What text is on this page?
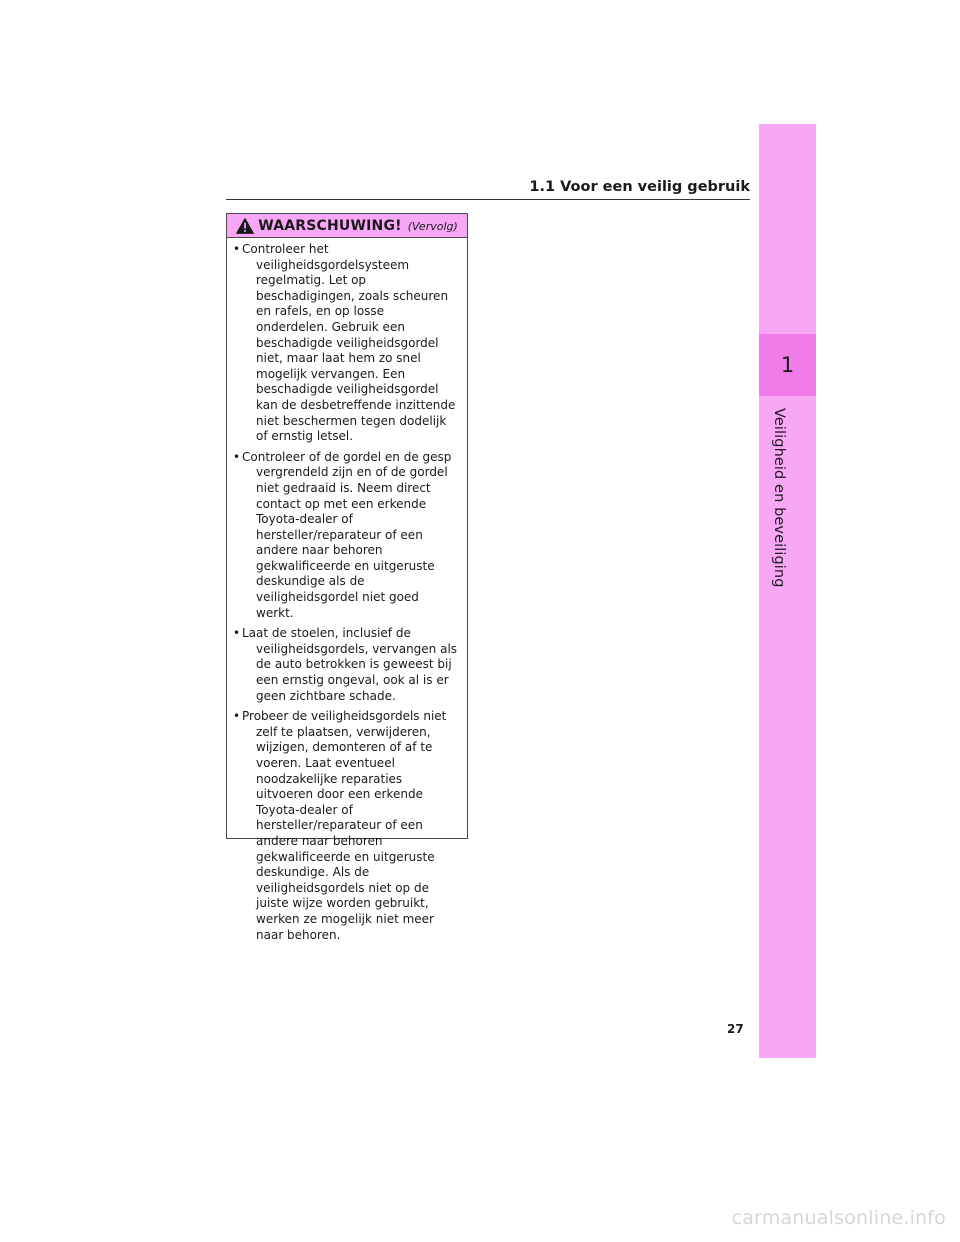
1
Veiligheid en beveiliging
1.1 Voor een veilig gebruik
WAARSCHUWING! (Vervolg)
• Controleer het veiligheidsgordelsysteem regelmatig. Let op beschadigingen, zoals scheuren en rafels, en op losse onderdelen. Gebruik een beschadigde veiligheidsgordel niet, maar laat hem zo snel mogelijk vervangen. Een beschadigde veiligheidsgordel kan de desbetreffende inzittende niet beschermen tegen dodelijk of ernstig letsel.
• Controleer of de gordel en de gesp vergrendeld zijn en of de gordel niet gedraaid is. Neem direct contact op met een erkende Toyota-dealer of hersteller/reparateur of een andere naar behoren gekwalificeerde en uitgeruste deskundige als de veiligheidsgordel niet goed werkt.
• Laat de stoelen, inclusief de veiligheidsgordels, vervangen als de auto betrokken is geweest bij een ernstig ongeval, ook al is er geen zichtbare schade.
• Probeer de veiligheidsgordels niet zelf te plaatsen, verwijderen, wijzigen, demonteren of af te voeren. Laat eventueel noodzakelijke reparaties uitvoeren door een erkende Toyota-dealer of hersteller/reparateur of een andere naar behoren gekwalificeerde en uitgeruste deskundige. Als de veiligheidsgordels niet op de juiste wijze worden gebruikt, werken ze mogelijk niet meer naar behoren.
27
carmanualsonline.info
